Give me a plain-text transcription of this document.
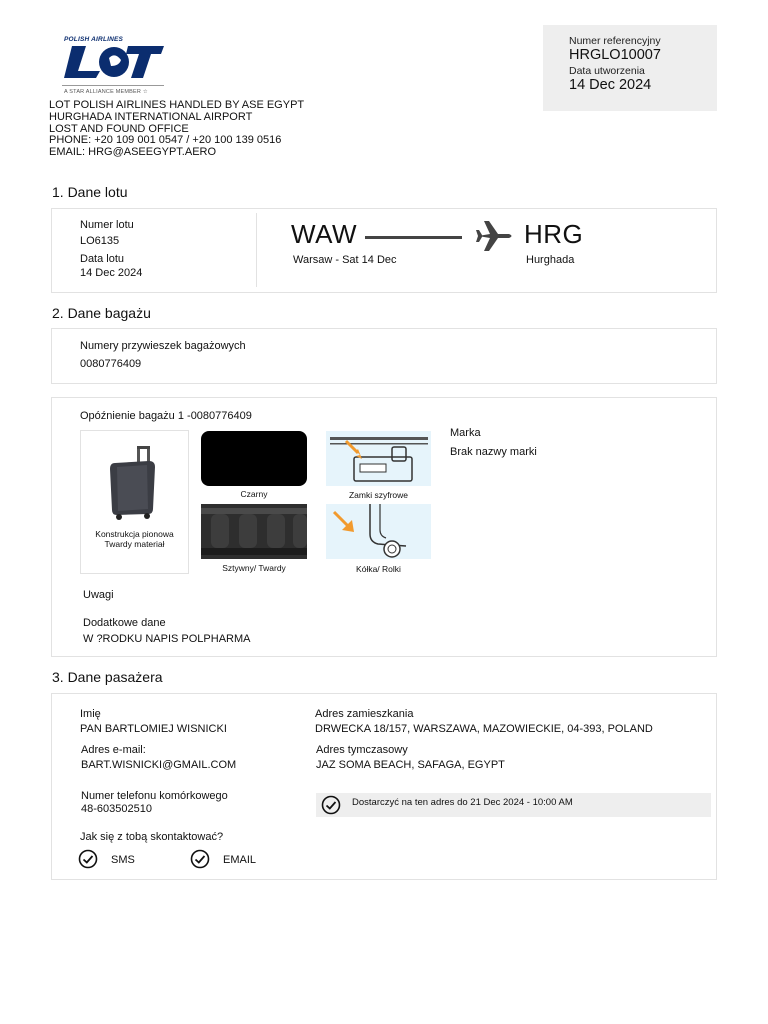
POLISH AIRLINES
A STAR ALLIANCE MEMBER ☆
LOT POLISH AIRLINES HANDLED BY ASE EGYPT
HURGHADA INTERNATIONAL AIRPORT
LOST AND FOUND OFFICE
PHONE: +20 109 001 0547 / +20 100 139 0516
EMAIL: HRG@ASEEGYPT.AERO
Numer referencyjny
HRGLO10007
Data utworzenia
14 Dec 2024
1. Dane lotu
Numer lotu
LO6135
Data lotu
14 Dec 2024
WAW	HRG
Warsaw - Sat 14 Dec	Hurghada
2. Dane bagażu
Numery przywieszek bagażowych
0080776409
Opóźnienie bagażu 1 -0080776409
Konstrukcja pionowa
Twardy materiał
Czarny	Zamki szyfrowe
Sztywny/ Twardy	Kółka/ Rolki
Marka
Brak nazwy marki
Uwagi
Dodatkowe dane
W ?RODKU NAPIS POLPHARMA
3. Dane pasażera
Imię
PAN BARTLOMIEJ WISNICKI
Adres e-mail:
BART.WISNICKI@GMAIL.COM
Numer telefonu komórkowego
48-603502510
Adres zamieszkania
DRWECKA 18/157, WARSZAWA, MAZOWIECKIE, 04-393, POLAND
Adres tymczasowy
JAZ SOMA BEACH, SAFAGA, EGYPT
Jak się z tobą skontaktować?
SMS	EMAIL
Dostarczyć na ten adres do 21 Dec 2024 - 10:00 AM
